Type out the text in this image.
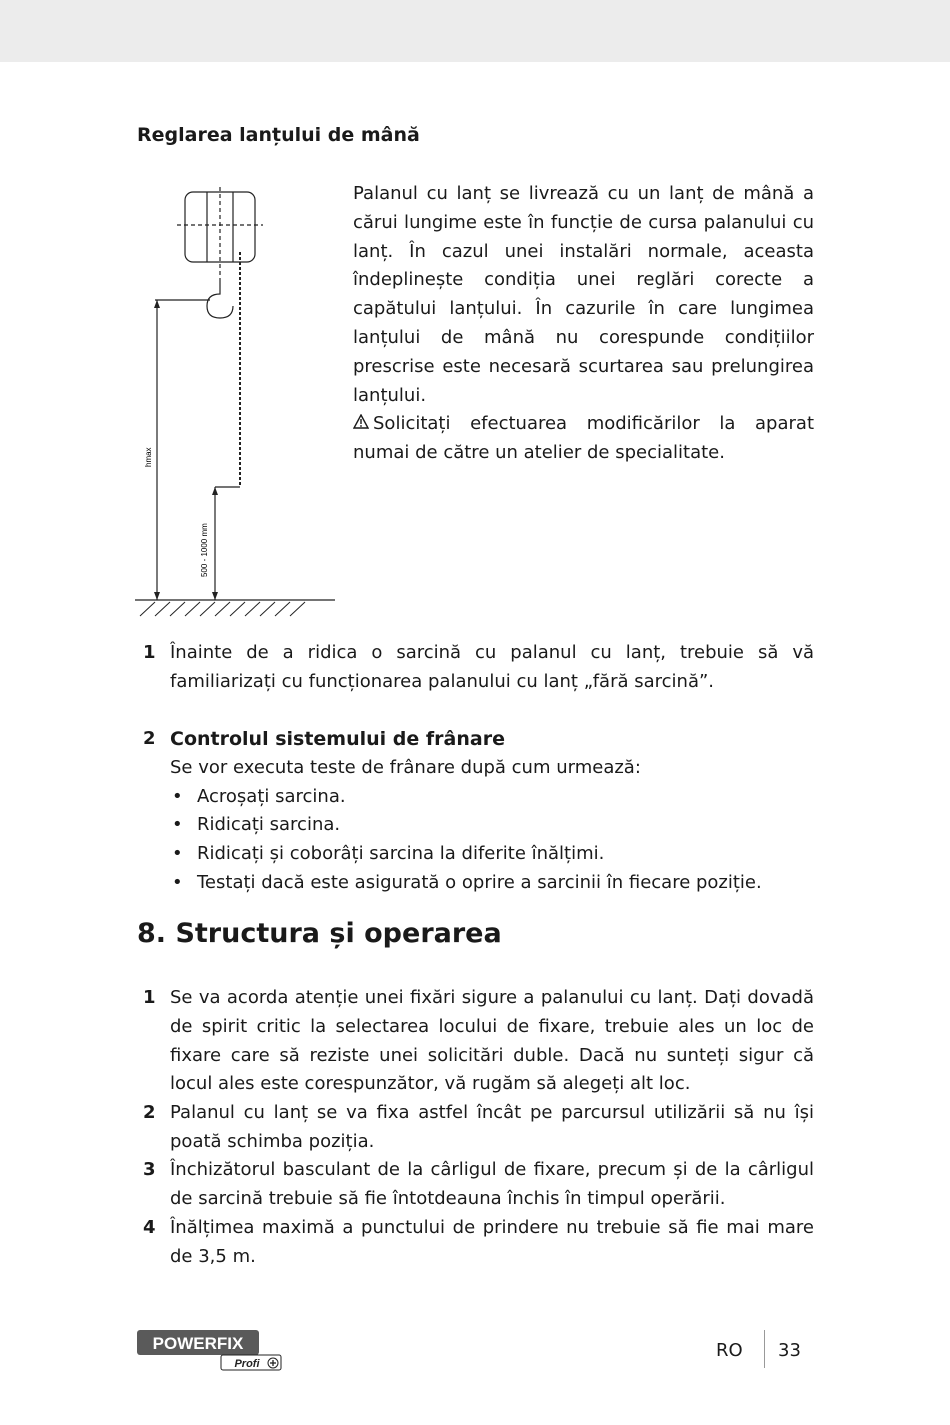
Reglarea lanțului de mână
hmax
500 - 1000 mm

Palanul cu lanț se livrează cu un lanț de mână a cărui lungime este în funcție de cursa palanului cu lanț. În cazul unei instalări normale, aceasta îndeplinește condiția unei reglări corecte a capătului lanțului. În cazurile în care lungimea lanțului de mână nu corespunde condițiilor prescrise este necesară scurtarea sau prelungirea lanțului.

Solicitați efectuarea modificărilor la aparat numai de către un atelier de specialitate.

1 Înainte de a ridica o sarcină cu palanul cu lanț, trebuie să vă familiarizați cu funcționarea palanului cu lanț „fără sarcină”.
2 Controlul sistemului de frânare
Se vor executa teste de frânare după cum urmează:
• Acroșați sarcina.
• Ridicați sarcina.
• Ridicați și coborâți sarcina la diferite înălțimi.
• Testați dacă este asigurată o oprire a sarcinii în fiecare poziție.
8. Structura și operarea
1 Se va acorda atenție unei fixări sigure a palanului cu lanț. Dați dovadă de spirit critic la selectarea locului de fixare, trebuie ales un loc de fixare care să reziste unei solicitări duble. Dacă nu sunteți sigur că locul ales este corespunzător, vă rugăm să alegeți alt loc.
2 Palanul cu lanț se va fixa astfel încât pe parcursul utilizării să nu își poată schimba poziția.
3 Închizătorul basculant de la cârligul de fixare, precum și de la cârligul de sarcină trebuie să fie întotdeauna închis în timpul operării.
4 Înălțimea maximă a punctului de prindere nu trebuie să fie mai mare de 3,5 m.
POWERFIX
Profi
RO 33
